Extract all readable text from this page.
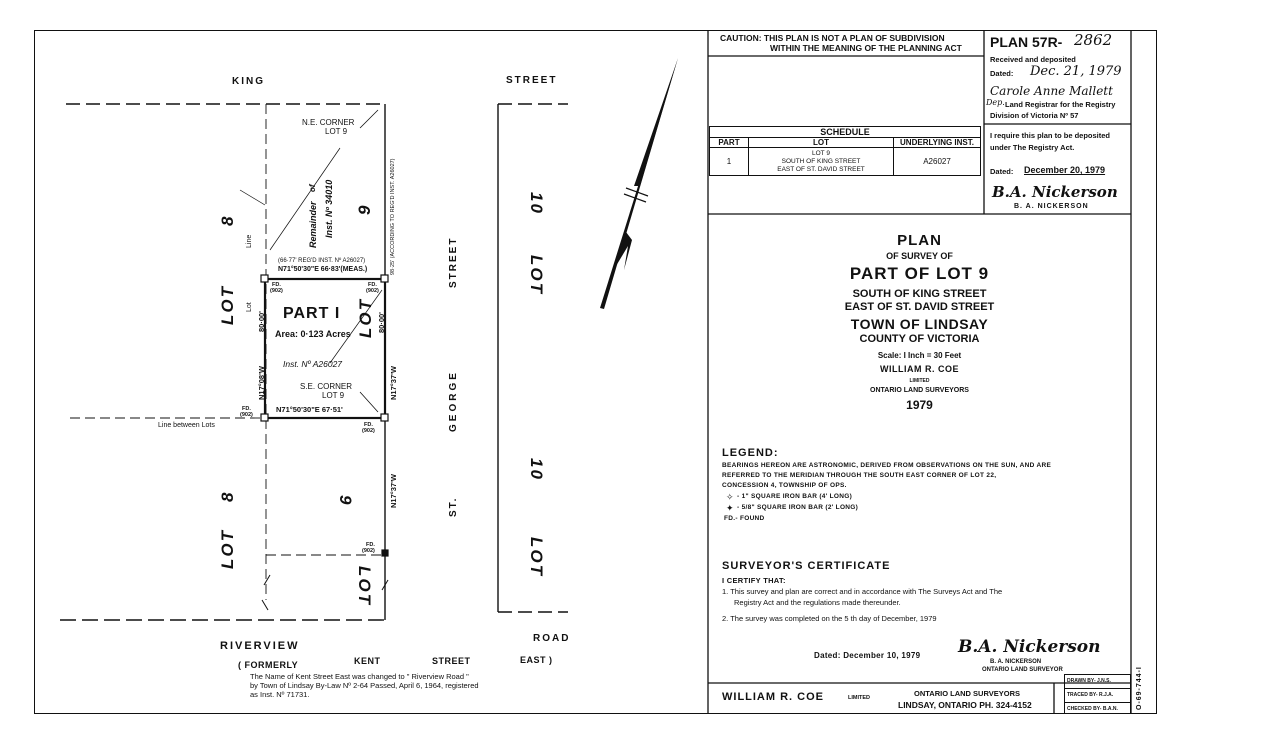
KING	STREET
STREET
GEORGE
ST.
RIVERVIEW
ROAD
( FORMERLY	KENT	STREET	EAST )
The Name of Kent Street East was changed to " Riverview Road "
by Town of Lindsay By-Law Nº 2-64 Passed, April 6, 1964, registered
as Inst. Nº 71731.
LOT
8
LOT
8
9
LOT
9
LOT
10
LOT
10
LOT
PART I
Area: 0·123 Acres
N.E. CORNER
LOT 9
S.E. CORNER
LOT 9
Remainder
of Inst. Nº 34010
Inst. Nº A26027
(66·77' REG'D INST. Nº A26027)
N71°50'30"E 66·83'(MEAS.)
N71°50'30"E 67·51'
80·00'	80·00'
N17°08'W	N17°37'W
N17°37'W
98·25' (ACCORDING TO REG'D INST. A26027)
FD.
(902)
FD.
(902)
FD.
(902)
FD.
(902)
FD.
(902)
Line between Lots
Line
Lot
CAUTION: THIS PLAN IS NOT A PLAN OF SUBDIVISION
WITHIN THE MEANING OF THE PLANNING ACT
SCHEDULE		
PART	LOT	UNDERLYING INST.
1	LOT 9
SOUTH OF KING STREET
EAST OF ST. DAVID STREET	A26027
PLAN 57R- 2862
Received and deposited
Dated: Dec. 21, 1979
Carole Anne Mallett
Dep. Land Registrar for the Registry
Division of Victoria Nº 57
I require this plan to be deposited
under The Registry Act.
Dated: December 20, 1979
B.A. Nickerson
B. A. NICKERSON
PLAN
OF SURVEY OF
PART OF LOT 9
SOUTH OF KING STREET
EAST OF ST. DAVID STREET
TOWN OF LINDSAY
COUNTY OF VICTORIA
Scale: I Inch = 30 Feet
WILLIAM R. COE
LIMITED
ONTARIO LAND SURVEYORS
1979
LEGEND:
BEARINGS HEREON ARE ASTRONOMIC, DERIVED FROM OBSERVATIONS ON THE SUN, AND ARE
REFERRED TO THE MERIDIAN THROUGH THE SOUTH EAST CORNER OF LOT 22,
CONCESSION 4, TOWNSHIP OF OPS.
✧ - 1" SQUARE IRON BAR (4' LONG)
✦ - 5/8" SQUARE IRON BAR (2' LONG)
FD.- FOUND
SURVEYOR'S CERTIFICATE
I CERTIFY THAT:
1. This survey and plan are correct and in accordance with The Surveys Act and The
Registry Act and the regulations made thereunder.
2. The survey was completed on the 5 th day of December, 1979
Dated: December 10, 1979 B.A. Nickerson
B. A. NICKERSON
ONTARIO LAND SURVEYOR
WILLIAM R. COE	LIMITED	ONTARIO LAND SURVEYORS
LINDSAY, ONTARIO PH. 324-4152
DRAWN BY- J.N.S.
TRACED BY- R.J.A.
CHECKED BY- B.A.N.	O-69-744-I
